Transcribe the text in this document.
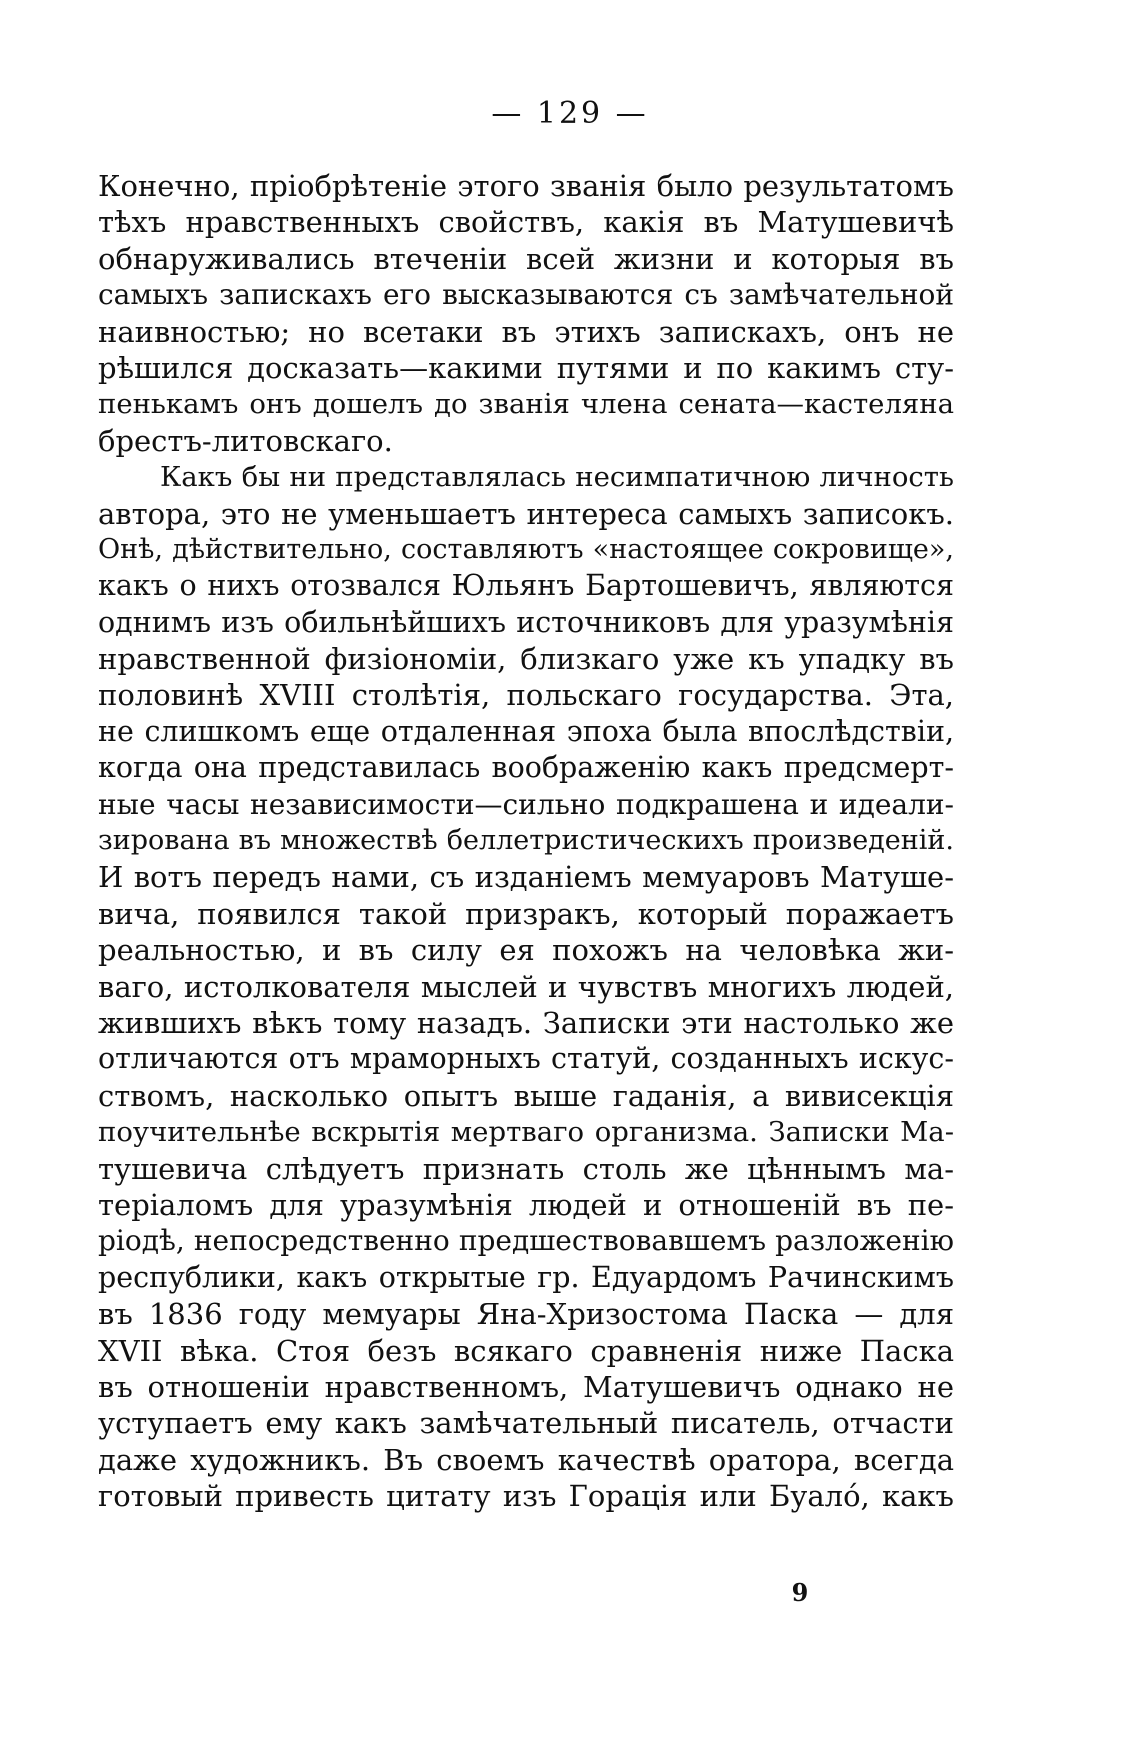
— 129 —
Конечно, пріобрѣтеніе этого званія было результатомъ
тѣхъ нравственныхъ свойствъ, какія въ Матушевичѣ
обнаруживались втеченіи всей жизни и которыя въ
самыхъ запискахъ его высказываются съ замѣчательной
наивностью; но всетаки въ этихъ запискахъ, онъ не
рѣшился досказать—какими путями и по какимъ сту-
пенькамъ онъ дошелъ до званія члена сената—кастеляна
брестъ-литовскаго.
Какъ бы ни представлялась несимпатичною личность
автора, это не уменьшаетъ интереса самыхъ записокъ.
Онѣ, дѣйствительно, составляютъ «настоящее сокровище»,
какъ о нихъ отозвался Юльянъ Бартошевичъ, являются
однимъ изъ обильнѣйшихъ источниковъ для уразумѣнія
нравственной физіономіи, близкаго уже къ упадку въ
половинѣ XVIII столѣтія, польскаго государства. Эта,
не слишкомъ еще отдаленная эпоха была впослѣдствіи,
когда она представилась воображенію какъ предсмерт-
ные часы независимости—сильно подкрашена и идеали-
зирована въ множествѣ беллетристическихъ произведеній.
И вотъ передъ нами, съ изданіемъ мемуаровъ Матуше-
вича, появился такой призракъ, который поражаетъ
реальностью, и въ силу ея похожъ на человѣка жи-
ваго, истолкователя мыслей и чувствъ многихъ людей,
жившихъ вѣкъ тому назадъ. Записки эти настолько же
отличаются отъ мраморныхъ статуй, созданныхъ искус-
ствомъ, насколько опытъ выше гаданія, а вивисекція
поучительнѣе вскрытія мертваго организма. Записки Ма-
тушевича слѣдуетъ признать столь же цѣннымъ ма-
теріаломъ для уразумѣнія людей и отношеній въ пе-
ріодѣ, непосредственно предшествовавшемъ разложенію
республики, какъ открытые гр. Едуардомъ Рачинскимъ
въ 1836 году мемуары Яна-Хризостома Паска — для
XVII вѣка. Стоя безъ всякаго сравненія ниже Паска
въ отношеніи нравственномъ, Матушевичъ однако не
уступаетъ ему какъ замѣчательный писатель, отчасти
даже художникъ. Въ своемъ качествѣ оратора, всегда
готовый привесть цитату изъ Горація или Буало́, какъ
9
